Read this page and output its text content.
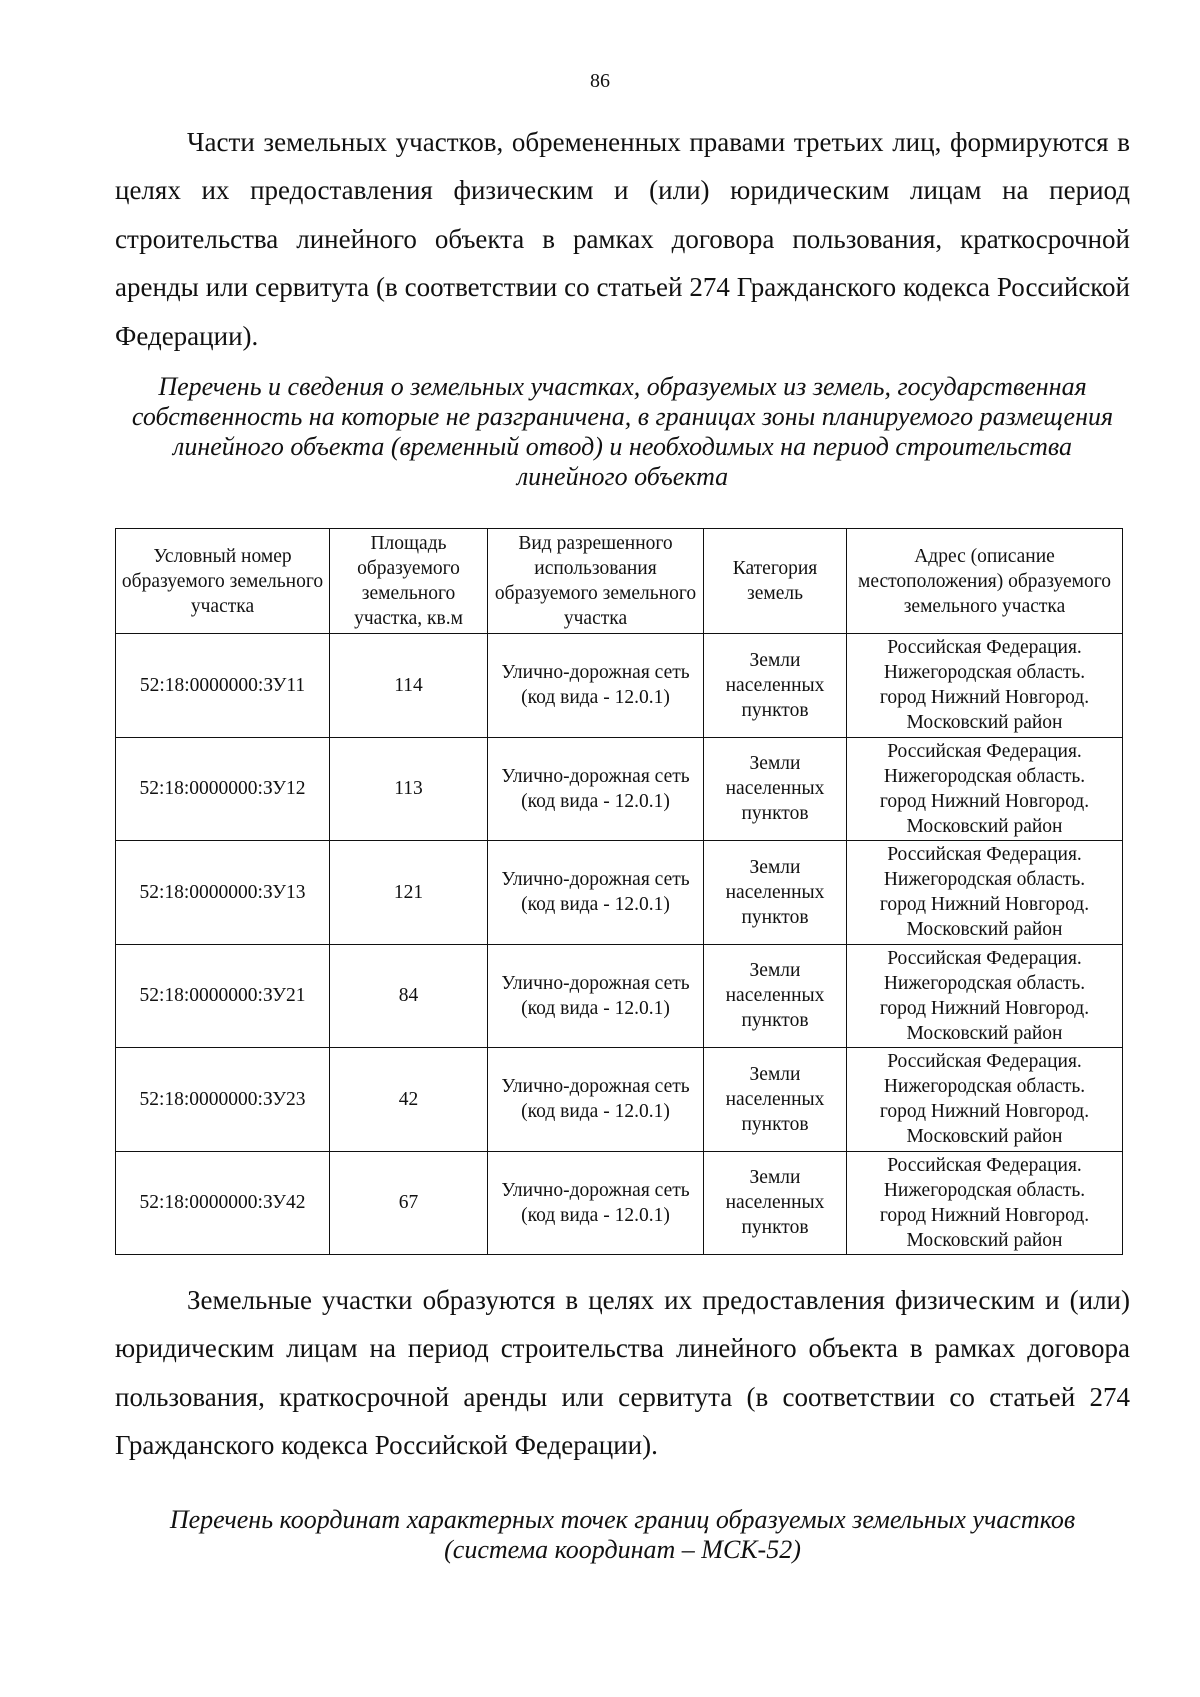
86

Части земельных участков, обремененных правами третьих лиц, формируются в целях их предоставления физическим и (или) юридическим лицам на период строительства линейного объекта в рамках договора пользования, краткосрочной аренды или сервитута (в соответствии со статьей 274 Гражданского кодекса Российской Федерации).

Перечень и сведения о земельных участках, образуемых из земель, государственная собственность на которые не разграничена, в границах зоны планируемого размещения линейного объекта (временный отвод) и необходимых на период строительства линейного объекта

Условный номер образуемого земельного участка	Площадь образуемого земельного участка, кв.м	Вид разрешенного использования образуемого земельного участка	Категория земель	Адрес (описание местоположения) образуемого земельного участка
52:18:0000000:ЗУ11	114	Улично-дорожная сеть (код вида - 12.0.1)	Земли населенных пунктов	Российская Федерация.
Нижегородская область.
город Нижний Новгород.
Московский район

52:18:0000000:ЗУ12	113	Улично-дорожная сеть (код вида - 12.0.1)	Земли населенных пунктов	Российская Федерация.
Нижегородская область.
город Нижний Новгород.
Московский район

52:18:0000000:ЗУ13	121	Улично-дорожная сеть (код вида - 12.0.1)	Земли населенных пунктов	Российская Федерация.
Нижегородская область.
город Нижний Новгород.
Московский район

52:18:0000000:ЗУ21	84	Улично-дорожная сеть (код вида - 12.0.1)	Земли населенных пунктов	Российская Федерация.
Нижегородская область.
город Нижний Новгород.
Московский район

52:18:0000000:ЗУ23	42	Улично-дорожная сеть (код вида - 12.0.1)	Земли населенных пунктов	Российская Федерация.
Нижегородская область.
город Нижний Новгород.
Московский район

52:18:0000000:ЗУ42	67	Улично-дорожная сеть (код вида - 12.0.1)	Земли населенных пунктов	Российская Федерация.
Нижегородская область.
город Нижний Новгород.
Московский район

Земельные участки образуются в целях их предоставления физическим и (или) юридическим лицам на период строительства линейного объекта в рамках договора пользования, краткосрочной аренды или сервитута (в соответствии со статьей 274 Гражданского кодекса Российской Федерации).

Перечень координат характерных точек границ образуемых земельных участков (система координат – МСК-52)
